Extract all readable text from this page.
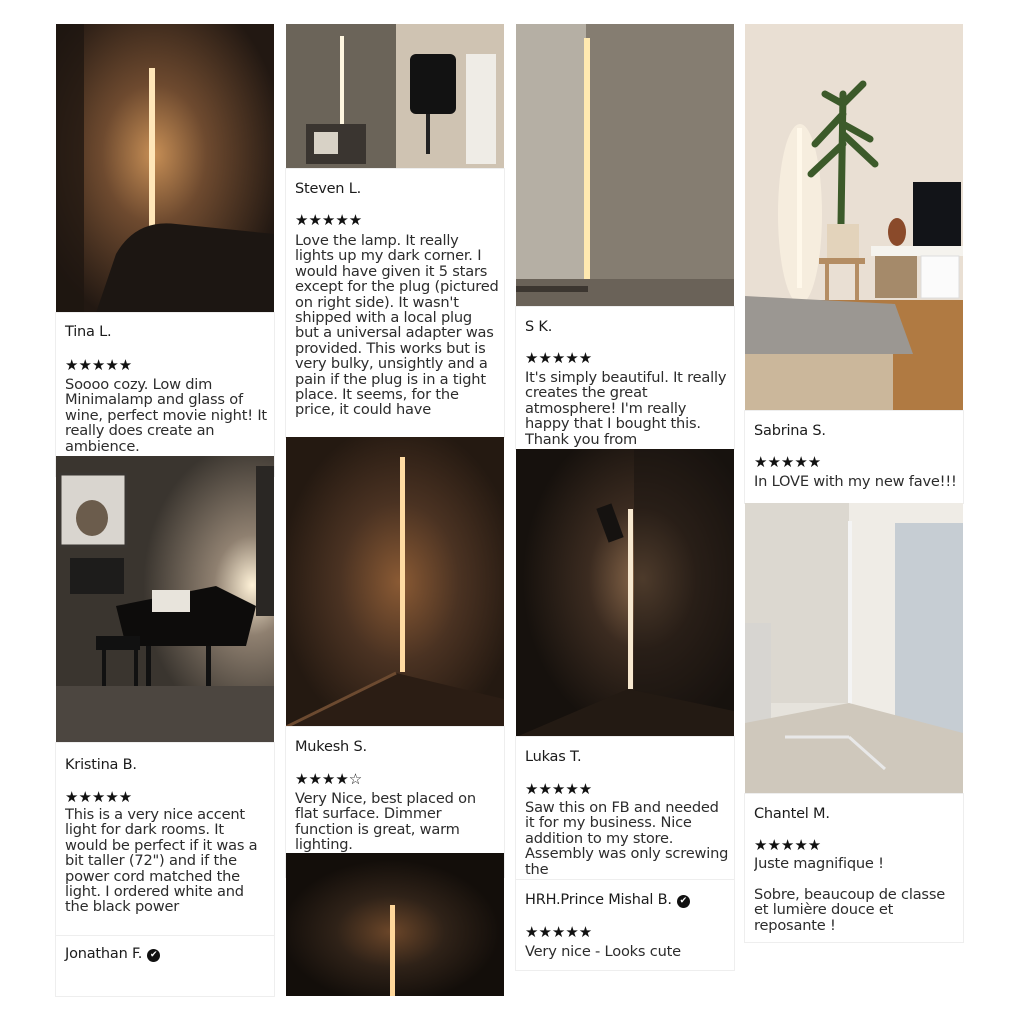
Tina L.
★★★★★
Soooo cozy. Low dim Minimalamp and glass of wine, perfect movie night! It really does create an ambience.
Kristina B.
★★★★★
This is a very nice accent light for dark rooms. It would be perfect if it was a bit taller (72") and if the power cord matched the light. I ordered white and the black power
Jonathan F. ✔
Steven L.
★★★★★
Love the lamp. It really lights up my dark corner. I would have given it 5 stars except for the plug (pictured on right side). It wasn't shipped with a local plug but a universal adapter was provided. This works but is very bulky, unsightly and a pain if the plug is in a tight place. It seems, for the price, it could have
Mukesh S.
★★★★☆
Very Nice, best placed on flat surface. Dimmer function is great, warm lighting.
S K.
★★★★★
It's simply beautiful. It really creates the great atmosphere! I'm really happy that I bought this. Thank you from
Lukas T.
★★★★★
Saw this on FB and needed it for my business. Nice addition to my store. Assembly was only screwing the
HRH.Prince Mishal B. ✔
★★★★★
Very nice - Looks cute
Sabrina S.
★★★★★
In LOVE with my new fave!!!
Chantel M.
★★★★★
Juste magnifique !
Sobre, beaucoup de classe et lumière douce et reposante !
